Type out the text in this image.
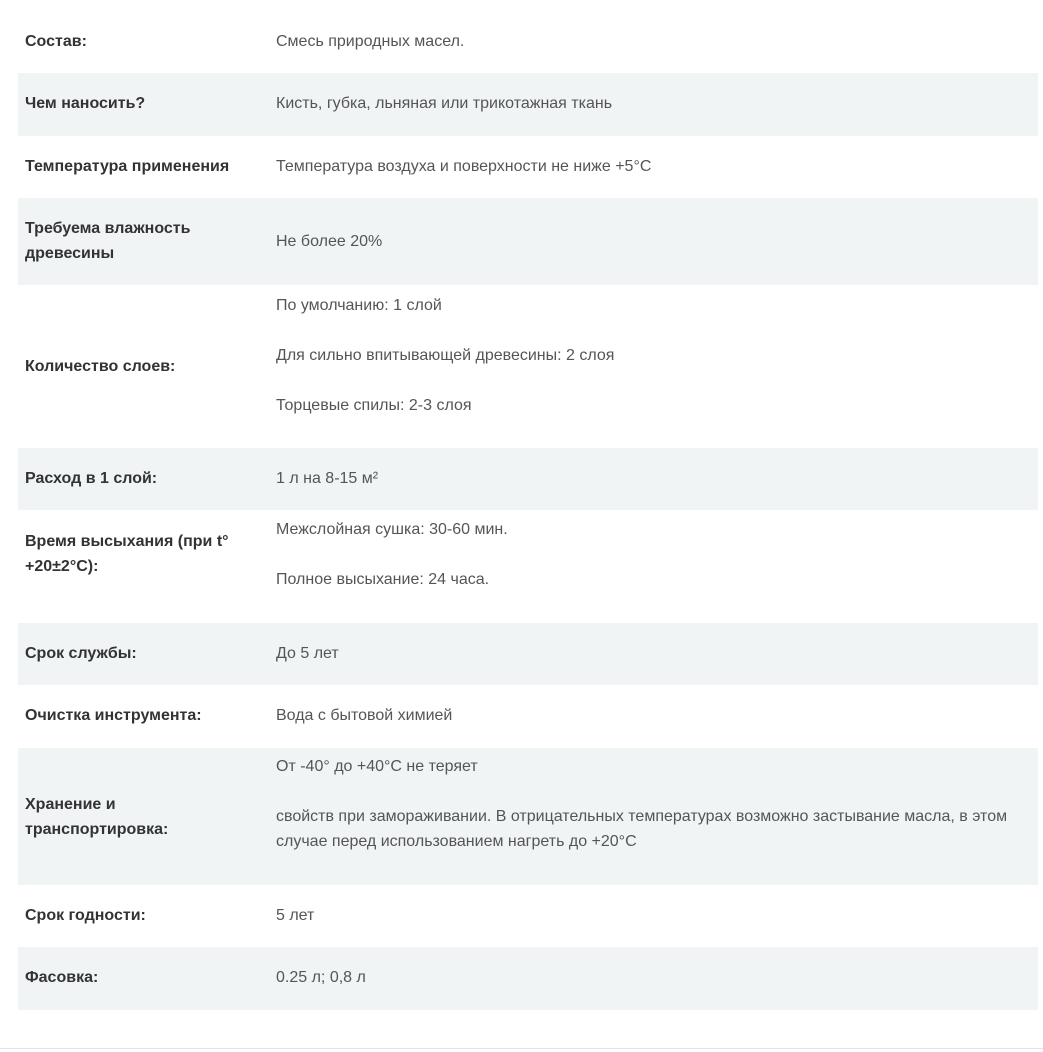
Состав:	Смесь природных масел.

Чем наносить?	Кисть, губка, льняная или трикотажная ткань

Температура применения	Температура воздуха и поверхности не ниже +5°С

Требуема влажность древесины	Не более 20%

Количество слоев:	По умолчанию: 1 слой

Для сильно впитывающей древесины: 2 слоя

Торцевые спилы: 2-3 слоя

Расход в 1 слой:	1 л на 8-15 м²

Время высыхания (при t° +20±2°С):	Межслойная сушка: 30-60 мин.

Полное высыхание: 24 часа.

Срок службы:	До 5 лет

Очистка инструмента:	Вода с бытовой химией

Хранение и транспортировка:	От -40° до +40°С не теряет

свойств при замораживании. В отрицательных температурах возможно застывание масла, в этом случае перед использованием нагреть до +20°С

Срок годности:	5 лет

Фасовка:	0.25 л; 0,8 л
